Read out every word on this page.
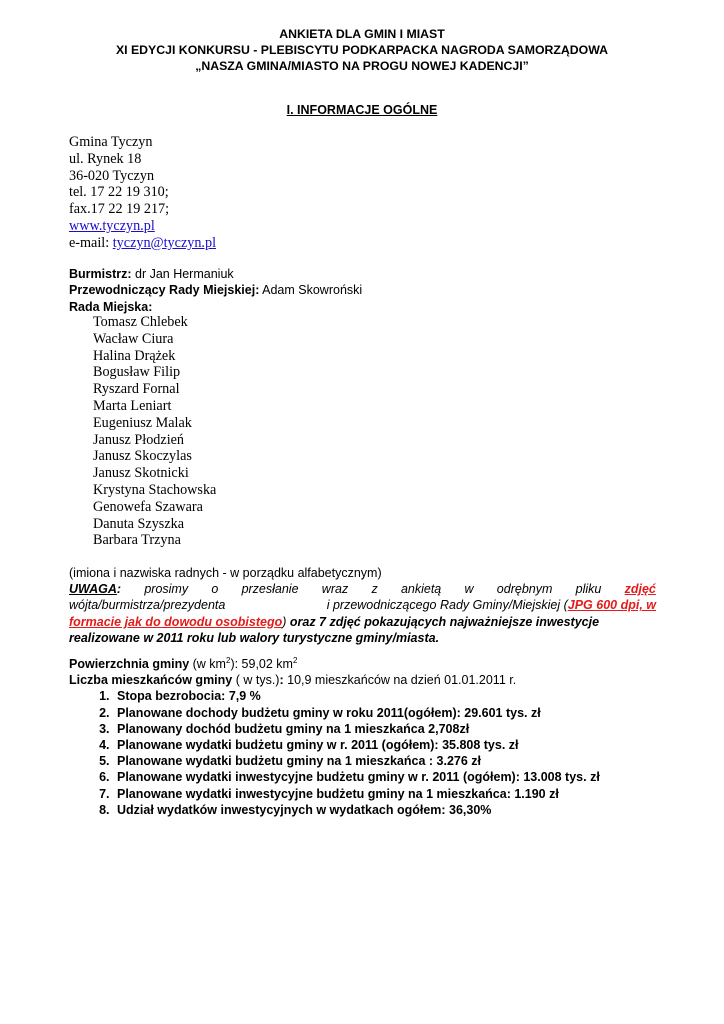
ANKIETA DLA GMIN I MIAST
XI EDYCJI KONKURSU - PLEBISCYTU PODKARPACKA NAGRODA SAMORZĄDOWA
„NASZA GMINA/MIASTO NA PROGU NOWEJ KADENCJI”
I. INFORMACJE OGÓLNE
Gmina Tyczyn
ul. Rynek 18
36-020 Tyczyn
tel. 17 22 19 310;
fax.17 22 19 217;
www.tyczyn.pl
e-mail: tyczyn@tyczyn.pl
Burmistrz: dr Jan Hermaniuk
Przewodniczący Rady Miejskiej: Adam Skowroński
Rada Miejska:
Tomasz Chlebek
Wacław Ciura
Halina Drążek
Bogusław Filip
Ryszard Fornal
Marta Leniart
Eugeniusz Malak
Janusz Płodzień
Janusz Skoczylas
Janusz Skotnicki
Krystyna Stachowska
Genowefa Szawara
Danuta Szyszka
Barbara Trzyna
(imiona i nazwiska radnych - w porządku alfabetycznym)
UWAGA: prosimy o przesłanie wraz z ankietą w odrębnym pliku zdjęć
wójta/burmistrza/prezydenta	i przewodniczącego Rady Gminy/Miejskiej (JPG 600 dpi, w
formacie jak do dowodu osobistego) oraz 7 zdjęć pokazujących najważniejsze inwestycje
realizowane w 2011 roku lub walory turystyczne gminy/miasta.
Powierzchnia gminy (w $km^2$): 59,02 $km^2$
Liczba mieszkańców gminy ( w tys.): 10,9 mieszkańców na dzień 01.01.2011 r.
1. Stopa bezrobocia: 7,9 %
2. Planowane dochody budżetu gminy w roku 2011(ogółem): 29.601 tys. zł
3. Planowany dochód budżetu gminy na 1 mieszkańca 2,708zł
4. Planowane wydatki budżetu gminy w r. 2011 (ogółem): 35.808 tys. zł
5. Planowane wydatki budżetu gminy na 1 mieszkańca : 3.276 zł
6. Planowane wydatki inwestycyjne budżetu gminy w r. 2011 (ogółem): 13.008 tys. zł
7. Planowane wydatki inwestycyjne budżetu gminy na 1 mieszkańca: 1.190 zł
8. Udział wydatków inwestycyjnych w wydatkach ogółem: 36,30%
